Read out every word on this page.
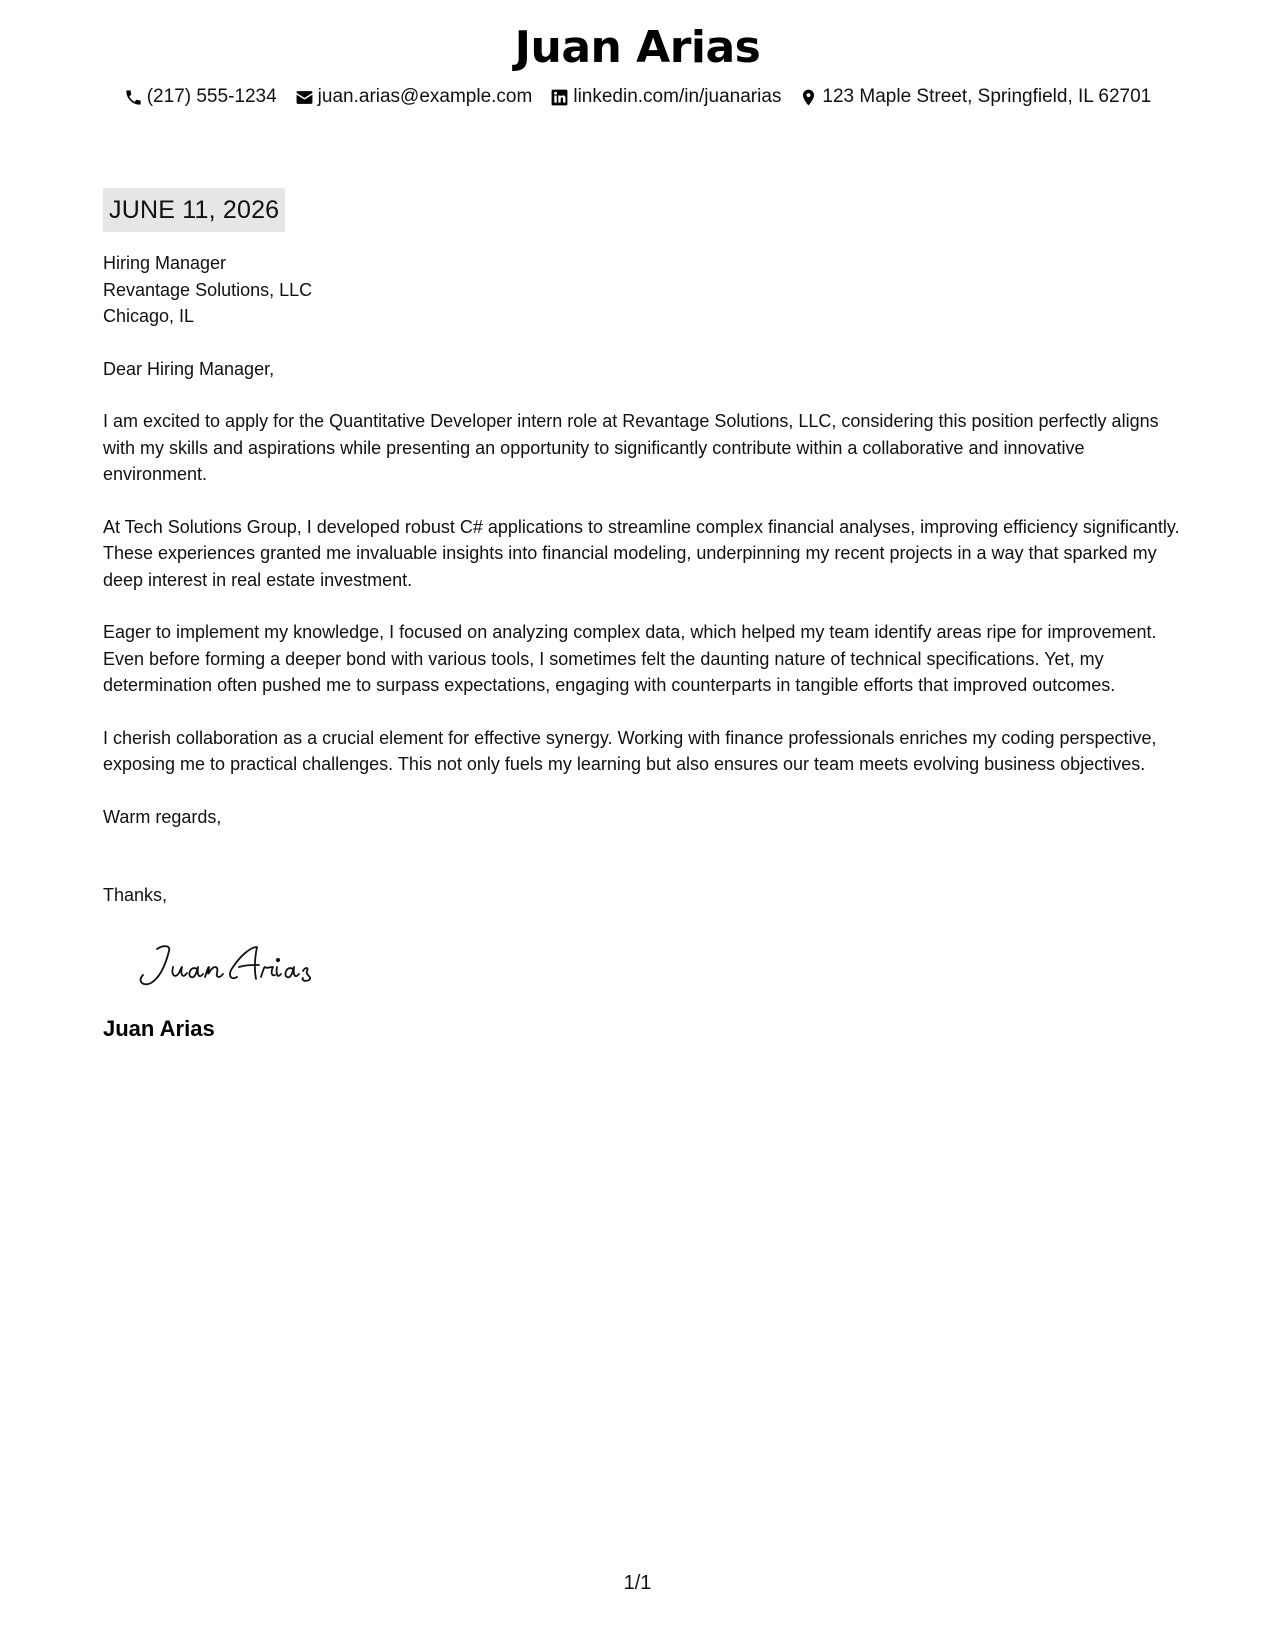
Juan Arias
(217) 555-1234 juan.arias@example.com linkedin.com/in/juanarias 123 Maple Street, Springfield, IL 62701
JUNE 11, 2026
Hiring Manager
Revantage Solutions, LLC
Chicago, IL

Dear Hiring Manager,

I am excited to apply for the Quantitative Developer intern role at Revantage Solutions, LLC, considering this position perfectly aligns with my skills and aspirations while presenting an opportunity to significantly contribute within a collaborative and innovative environment.

At Tech Solutions Group, I developed robust C# applications to streamline complex financial analyses, improving efficiency significantly. These experiences granted me invaluable insights into financial modeling, underpinning my recent projects in a way that sparked my deep interest in real estate investment.

Eager to implement my knowledge, I focused on analyzing complex data, which helped my team identify areas ripe for improvement. Even before forming a deeper bond with various tools, I sometimes felt the daunting nature of technical specifications. Yet, my determination often pushed me to surpass expectations, engaging with counterparts in tangible efforts that improved outcomes.

I cherish collaboration as a crucial element for effective synergy. Working with finance professionals enriches my coding perspective, exposing me to practical challenges. This not only fuels my learning but also ensures our team meets evolving business objectives.

Warm regards,
Thanks,
Juan Arias
1/1
